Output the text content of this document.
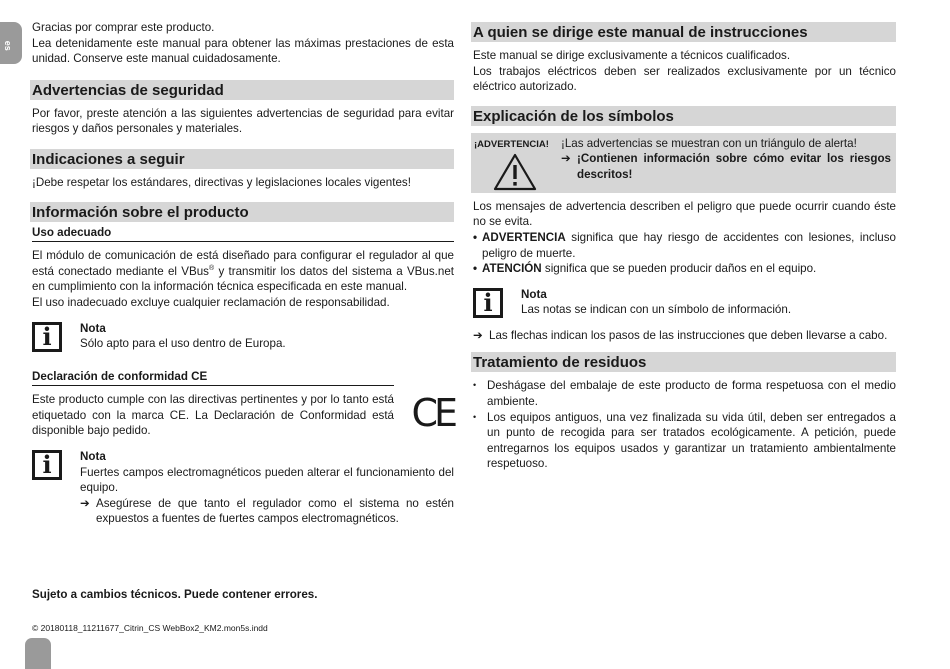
es

Gracias por comprar este producto.

Lea detenidamente este manual para obtener las máximas prestaciones de esta unidad. Conserve este manual cuidadosamente.

Advertencias de seguridad

Por favor, preste atención a las siguientes advertencias de seguridad para evitar riesgos y daños personales y materiales.

Indicaciones a seguir

¡Debe respetar los estándares, directivas y legislaciones locales vigentes!

Información sobre el producto
Uso adecuado

El módulo de comunicación de está diseñado para configurar el regulador al que está conectado mediante el VBus® y transmitir los datos del sistema a VBus.net en cumplimiento con la información técnica especificada en este manual.

El uso inadecuado excluye cualquier reclamación de responsabilidad.

i	Nota
Sólo apto para el uso dentro de Europa.
Declaración de conformidad CE

Este producto cumple con las directivas pertinentes y por lo tanto está etiquetado con la marca CE. La Declaración de Conformidad está disponible bajo pedido.	CE
i	Nota

Fuertes campos electromagnéticos pueden alterar el funcionamiento del equipo.

➔ Asegúrese de que tanto el regulador como el sistema no estén expuestos a fuentes de fuertes campos electromagnéticos.
Sujeto a cambios técnicos. Puede contener errores.
© 20180118_11211677_Citrin_CS WebBox2_KM2.mon5s.indd
A quien se dirige este manual de instrucciones

Este manual se dirige exclusivamente a técnicos cualificados.

Los trabajos eléctricos deben ser realizados exclusivamente por un técnico eléctrico autorizado.

Explicación de los símbolos
¡ADVERTENCIA! ¡Las advertencias se muestran con un triángulo de alerta!
➔ ¡Contienen información sobre cómo evitar los riesgos descritos!

Los mensajes de advertencia describen el peligro que puede ocurrir cuando éste no se evita.

• ADVERTENCIA significa que hay riesgo de accidentes con lesiones, incluso peligro de muerte.
• ATENCIÓN significa que se pueden producir daños en el equipo.
i	Nota
Las notas se indican con un símbolo de información.
➔ Las flechas indican los pasos de las instrucciones que deben llevarse a cabo.
Tratamiento de residuos
• Deshágase del embalaje de este producto de forma respetuosa con el medio ambiente.
• Los equipos antiguos, una vez finalizada su vida útil, deben ser entregados a un punto de recogida para ser tratados ecológicamente. A petición, puede entregarnos los equipos usados y garantizar un tratamiento ambientalmente respetuoso.
